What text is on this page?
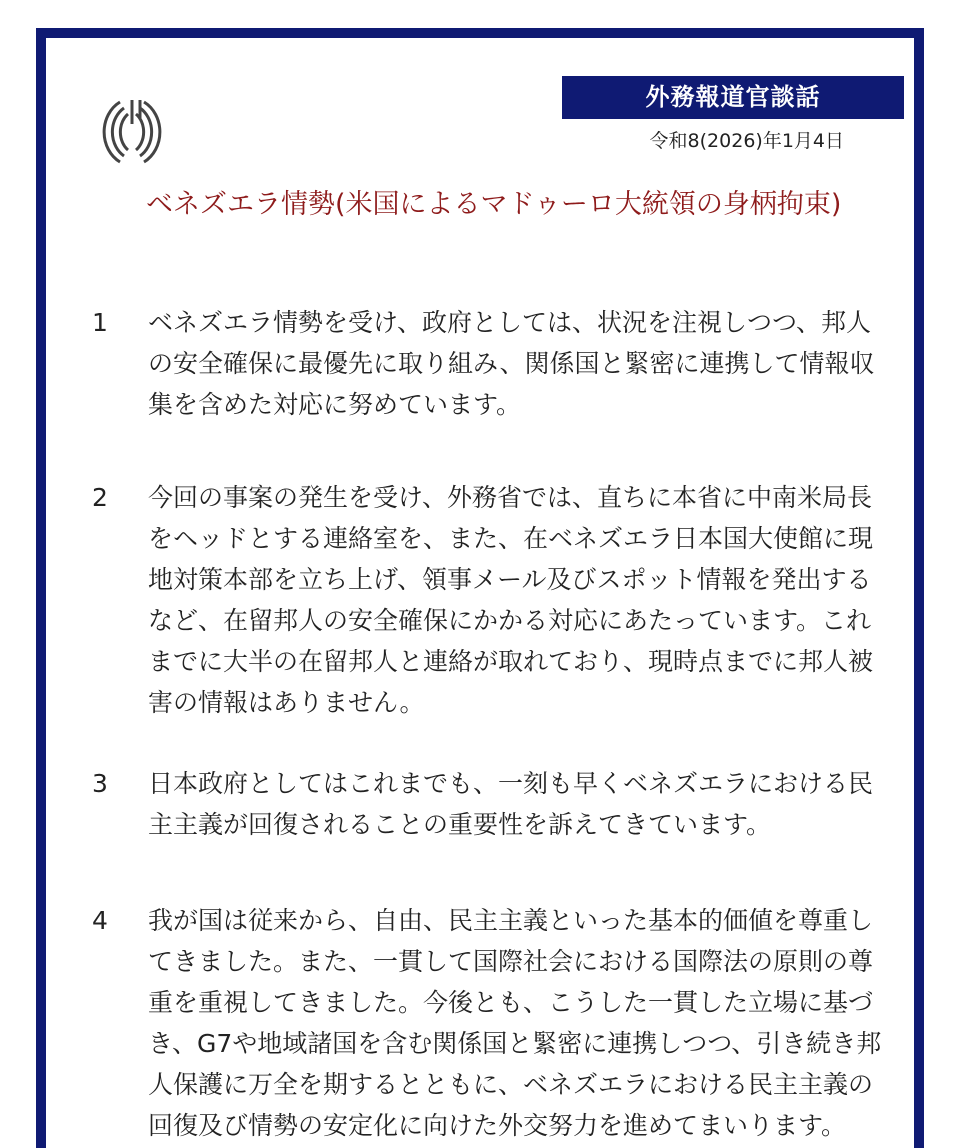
外務報道官談話
令和8(2026)年1月4日
ベネズエラ情勢(米国によるマドゥーロ大統領の身柄拘束)
1	ベネズエラ情勢を受け、政府としては、状況を注視しつつ、邦人の安全確保に最優先に取り組み、関係国と緊密に連携して情報収集を含めた対応に努めています。
2	今回の事案の発生を受け、外務省では、直ちに本省に中南米局長をヘッドとする連絡室を、また、在ベネズエラ日本国大使館に現地対策本部を立ち上げ、領事メール及びスポット情報を発出するなど、在留邦人の安全確保にかかる対応にあたっています。これまでに大半の在留邦人と連絡が取れており、現時点までに邦人被害の情報はありません。
3	日本政府としてはこれまでも、一刻も早くベネズエラにおける民主主義が回復されることの重要性を訴えてきています。
4	我が国は従来から、自由、民主主義といった基本的価値を尊重してきました。また、一貫して国際社会における国際法の原則の尊重を重視してきました。今後とも、こうした一貫した立場に基づき、G7や地域諸国を含む関係国と緊密に連携しつつ、引き続き邦人保護に万全を期するとともに、ベネズエラにおける民主主義の回復及び情勢の安定化に向けた外交努力を進めてまいります。
